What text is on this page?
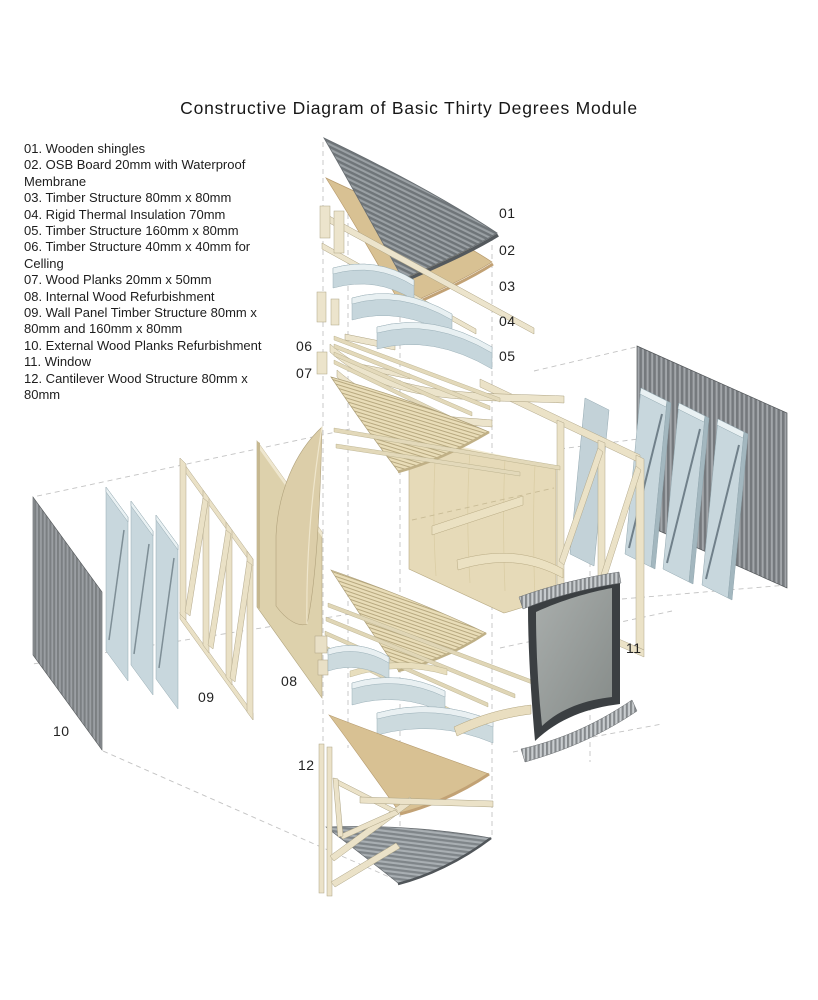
Constructive Diagram of Basic Thirty Degrees Module
01. Wooden shingles
02. OSB Board 20mm with Waterproof Membrane
03. Timber Structure 80mm x 80mm
04. Rigid Thermal Insulation 70mm
05. Timber Structure 160mm x 80mm
06. Timber Structure 40mm x 40mm for Celling
07. Wood Planks 20mm x 50mm
08. Internal Wood Refurbishment
09. Wall Panel Timber Structure 80mm x 80mm and 160mm x 80mm
10. External Wood Planks Refurbishment
11. Window
12. Cantilever Wood Structure 80mm x 80mm
01
02
03
04
05
06
07
08
09
10
11
12
